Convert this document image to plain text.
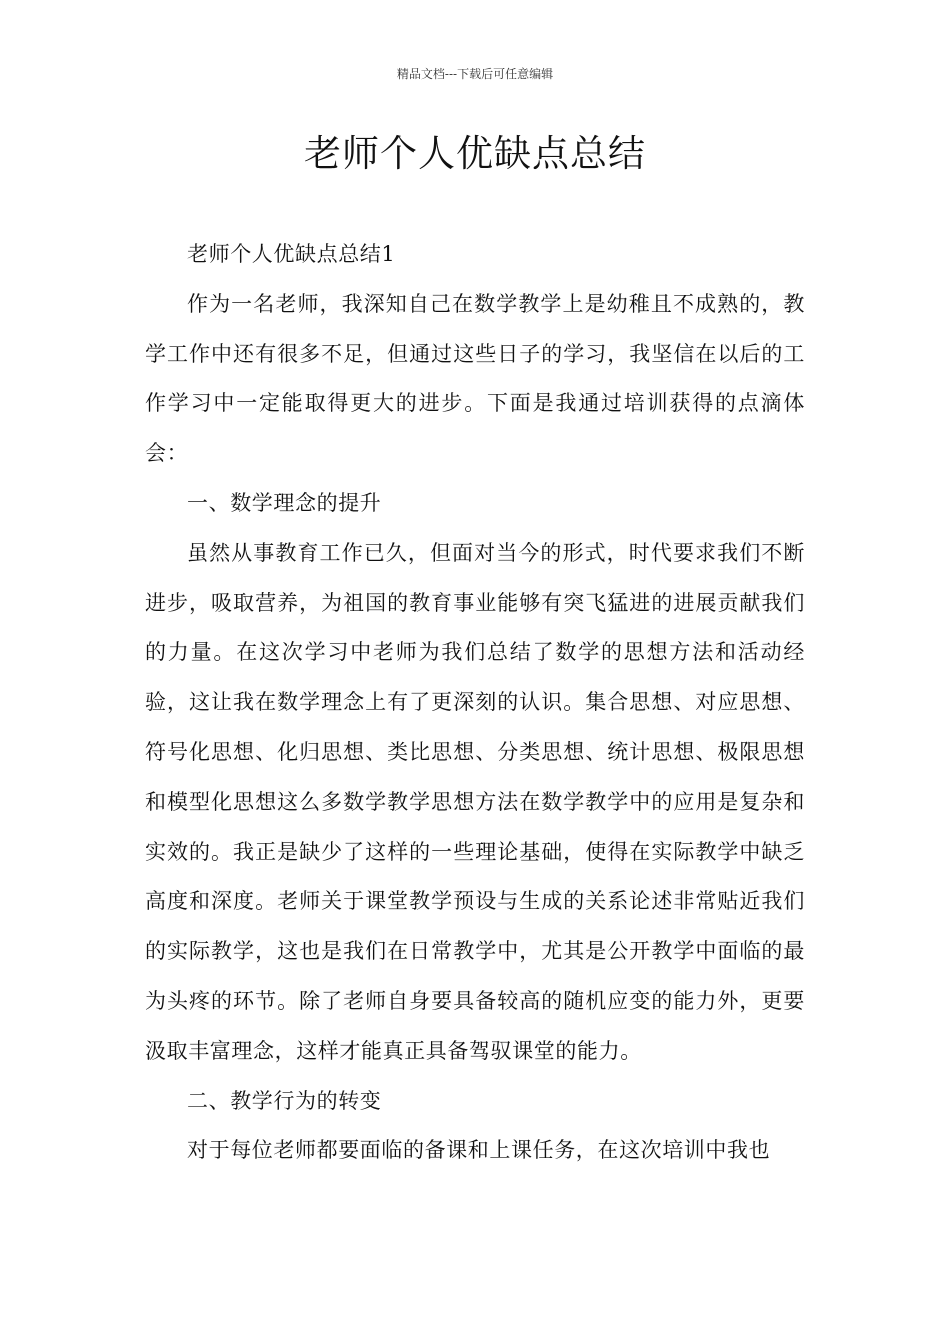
精品文档---下载后可任意编辑
老师个人优缺点总结

老师个人优缺点总结1

作为一名老师，我深知自己在数学教学上是幼稚且不成熟的，教学工作中还有很多不足，但通过这些日子的学习，我坚信在以后的工作学习中一定能取得更大的进步。下面是我通过培训获得的点滴体会：

一、数学理念的提升

虽然从事教育工作已久，但面对当今的形式，时代要求我们不断进步，吸取营养，为祖国的教育事业能够有突飞猛进的进展贡献我们的力量。在这次学习中老师为我们总结了数学的思想方法和活动经验，这让我在数学理念上有了更深刻的认识。集合思想、对应思想、符号化思想、化归思想、类比思想、分类思想、统计思想、极限思想和模型化思想这么多数学教学思想方法在数学教学中的应用是复杂和实效的。我正是缺少了这样的一些理论基础，使得在实际教学中缺乏高度和深度。老师关于课堂教学预设与生成的关系论述非常贴近我们的实际教学，这也是我们在日常教学中，尤其是公开教学中面临的最为头疼的环节。除了老师自身要具备较高的随机应变的能力外，更要汲取丰富理念，这样才能真正具备驾驭课堂的能力。

二、教学行为的转变

对于每位老师都要面临的备课和上课任务，在这次培训中我也
